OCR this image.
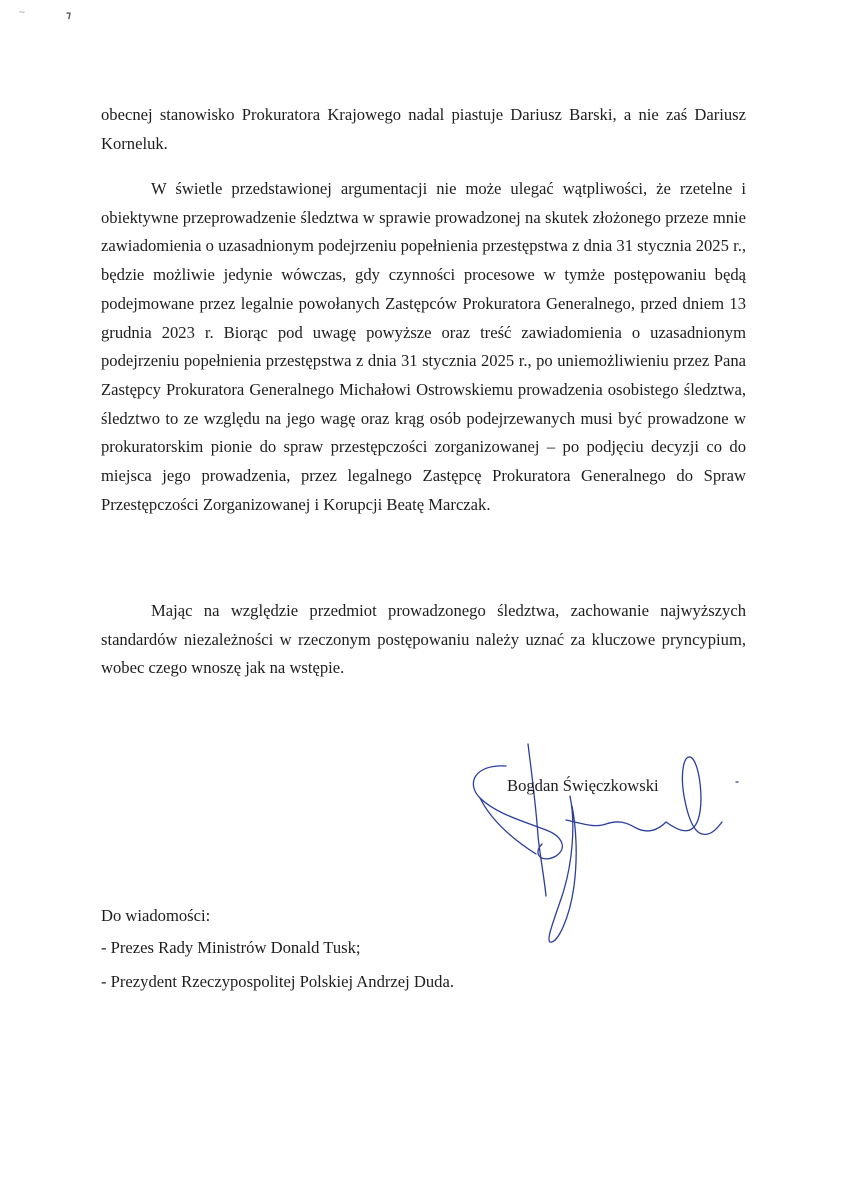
~	⁊

obecnej stanowisko Prokuratora Krajowego nadal piastuje Dariusz Barski, a nie zaś Dariusz Korneluk.

W świetle przedstawionej argumentacji nie może ulegać wątpliwości, że rzetelne i obiektywne przeprowadzenie śledztwa w sprawie prowadzonej na skutek złożonego przeze mnie zawiadomienia o uzasadnionym podejrzeniu popełnienia przestępstwa z dnia 31 stycznia 2025 r., będzie możliwie jedynie wówczas, gdy czynności procesowe w tymże postępowaniu będą podejmowane przez legalnie powołanych Zastępców Prokuratora Generalnego, przed dniem 13 grudnia 2023 r. Biorąc pod uwagę powyższe oraz treść zawiadomienia o uzasadnionym podejrzeniu popełnienia przestępstwa z dnia 31 stycznia 2025 r., po uniemożliwieniu przez Pana Zastępcy Prokuratora Generalnego Michałowi Ostrowskiemu prowadzenia osobistego śledztwa, śledztwo to ze względu na jego wagę oraz krąg osób podejrzewanych musi być prowadzone w prokuratorskim pionie do spraw przestępczości zorganizowanej – po podjęciu decyzji co do miejsca jego prowadzenia, przez legalnego Zastępcę Prokuratora Generalnego do Spraw Przestępczości Zorganizowanej i Korupcji Beatę Marczak.

Mając na względzie przedmiot prowadzonego śledztwa, zachowanie najwyższych standardów niezależności w rzeczonym postępowaniu należy uznać za kluczowe pryncypium, wobec czego wnoszę jak na wstępie.

Bogdan Święczkowski

Do wiadomości:

- Prezes Rady Ministrów Donald Tusk;

- Prezydent Rzeczypospolitej Polskiej Andrzej Duda.
